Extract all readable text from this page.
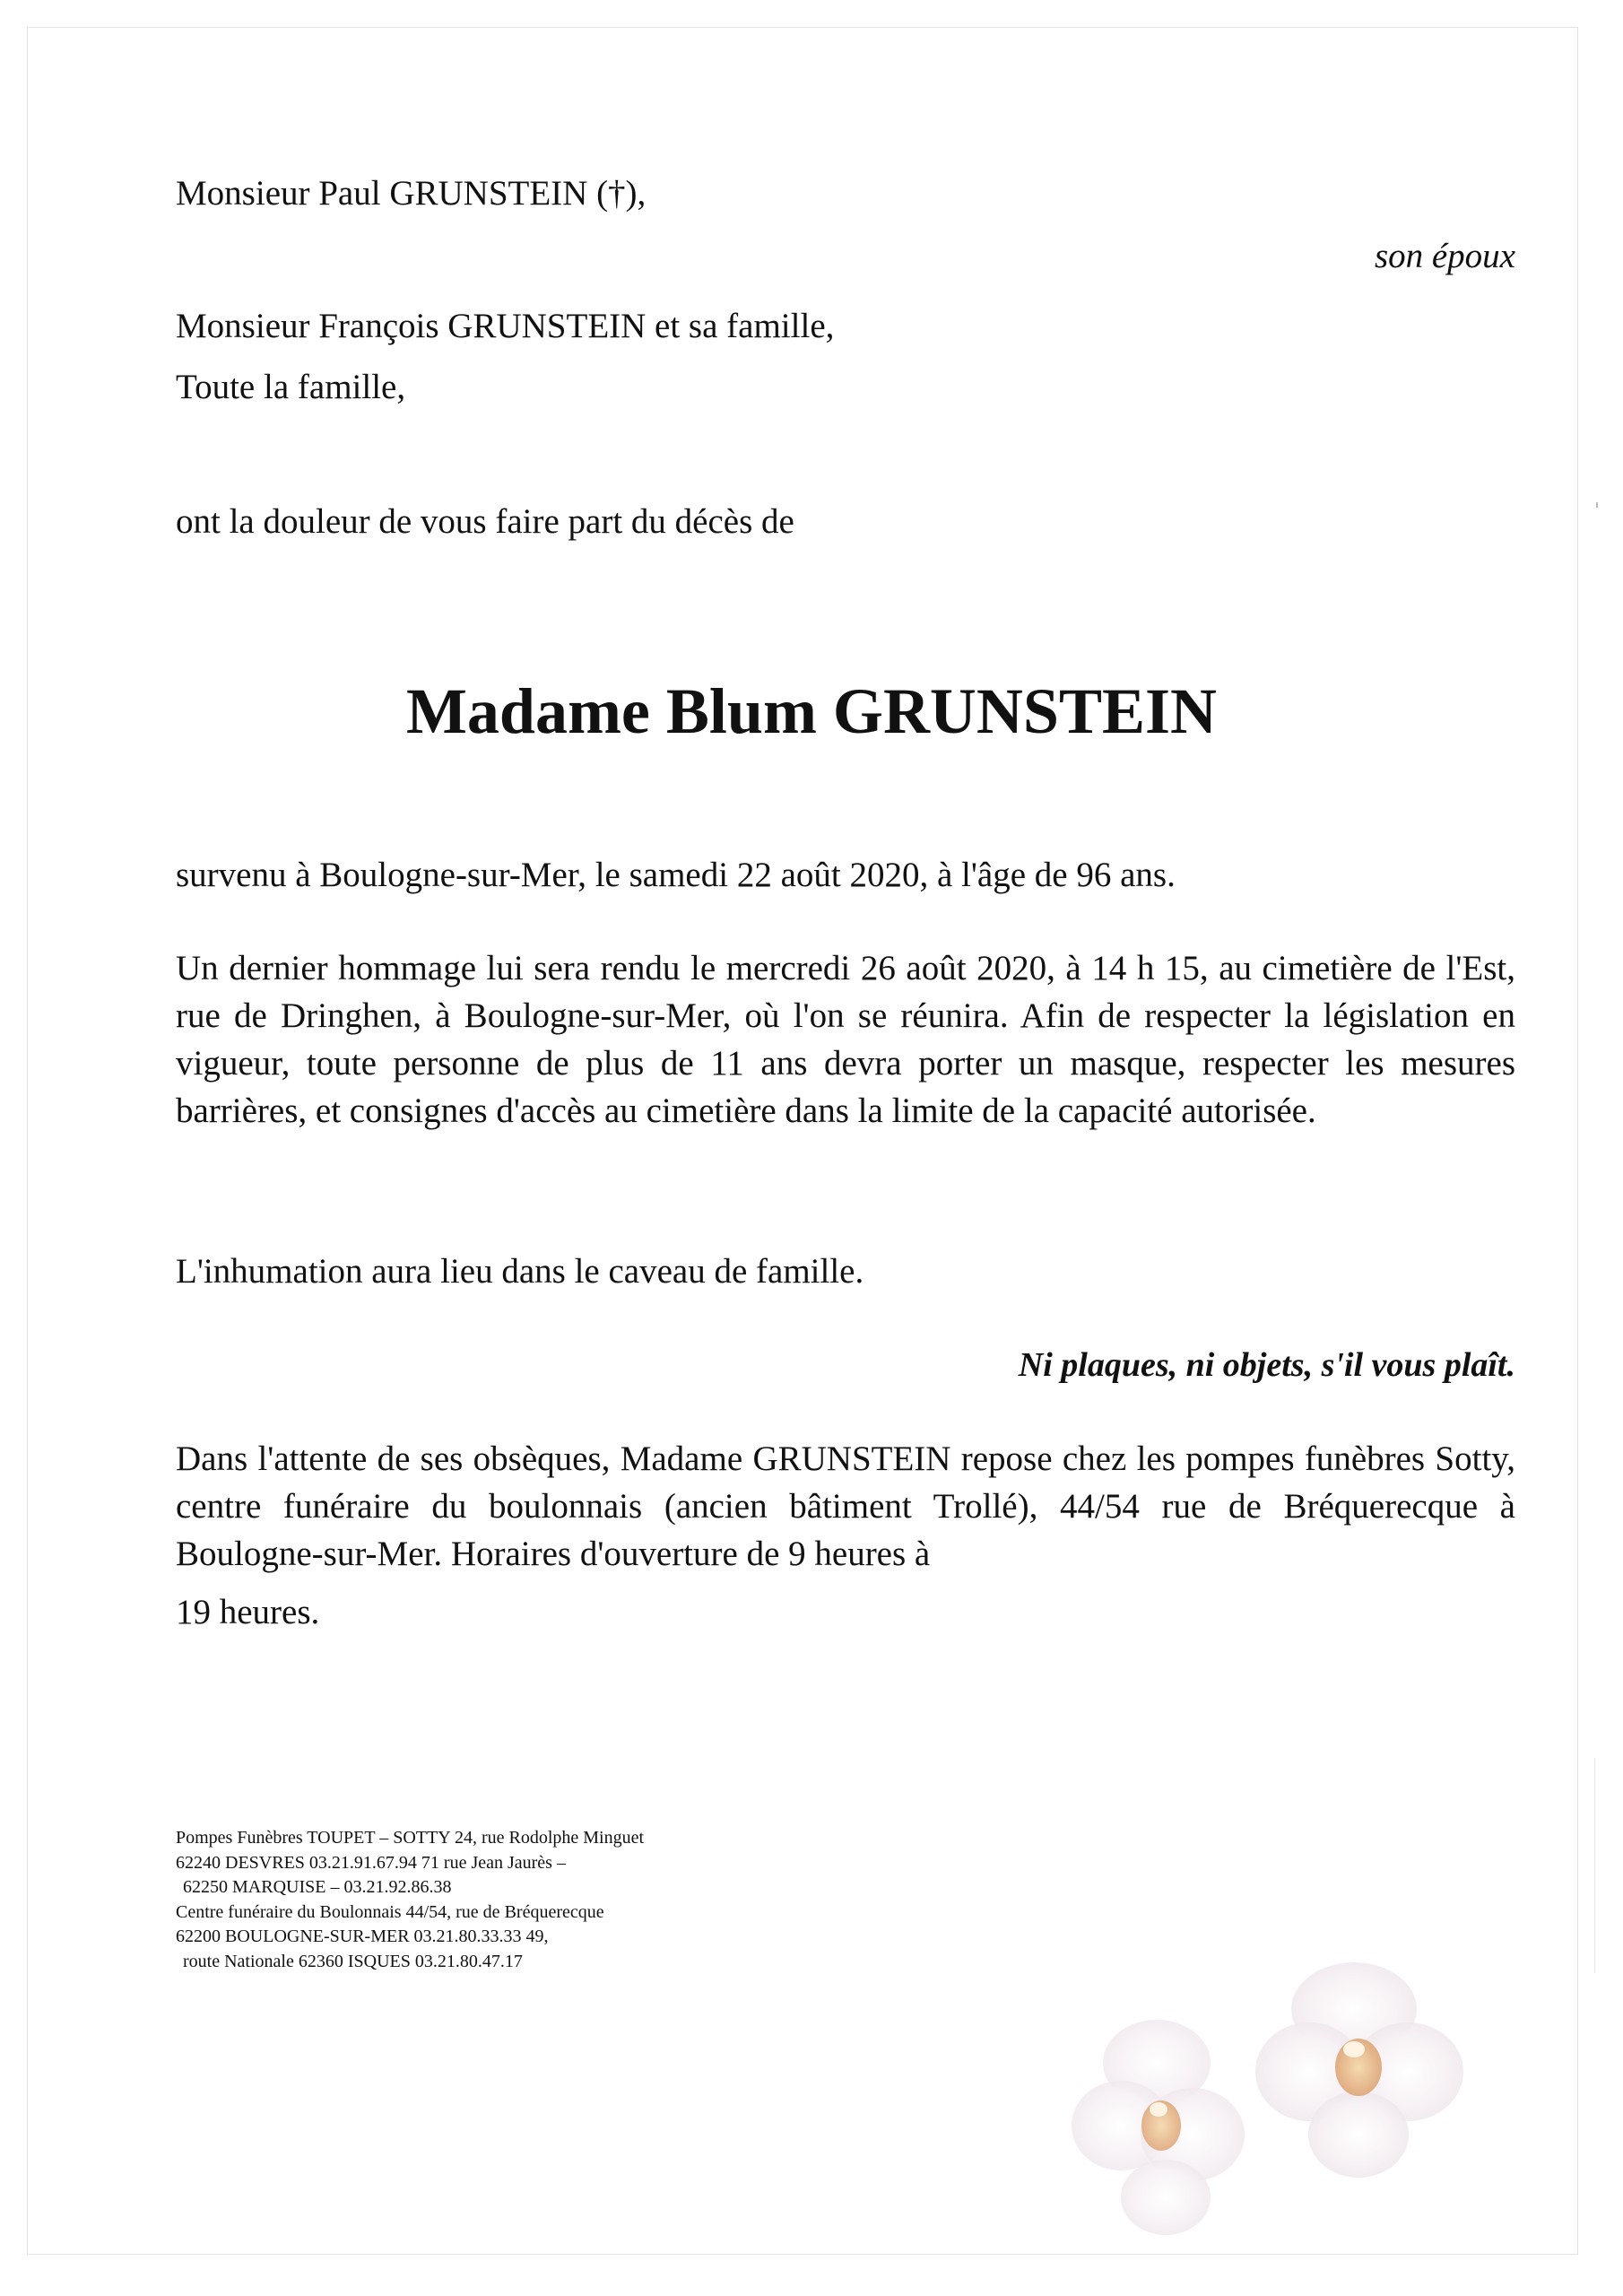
Monsieur Paul GRUNSTEIN (†),
son époux
Monsieur François GRUNSTEIN et sa famille,
Toute la famille,
ont la douleur de vous faire part du décès de
Madame Blum GRUNSTEIN
survenu à Boulogne-sur-Mer, le samedi 22 août 2020, à l'âge de 96 ans.
Un dernier hommage lui sera rendu le mercredi 26 août 2020, à 14 h 15, au cimetière de l'Est, rue de Dringhen, à Boulogne-sur-Mer, où l'on se réunira. Afin de respecter la législation en vigueur, toute personne de plus de 11 ans devra porter un masque, respecter les mesures barrières, et consignes d'accès au cimetière dans la limite de la capacité autorisée.
L'inhumation aura lieu dans le caveau de famille.
Ni plaques, ni objets, s'il vous plaît.
Dans l'attente de ses obsèques, Madame GRUNSTEIN repose chez les pompes funèbres Sotty, centre funéraire du boulonnais (ancien bâtiment Trollé), 44/54 rue de Bréquerecque à Boulogne-sur-Mer. Horaires d'ouverture de 9 heures à
19 heures.
Pompes Funèbres TOUPET – SOTTY 24, rue Rodolphe Minguet
62240 DESVRES 03.21.91.67.94 71 rue Jean Jaurès –
62250 MARQUISE – 03.21.92.86.38
Centre funéraire du Boulonnais 44/54, rue de Bréquerecque
62200 BOULOGNE-SUR-MER 03.21.80.33.33 49,
route Nationale 62360 ISQUES 03.21.80.47.17
